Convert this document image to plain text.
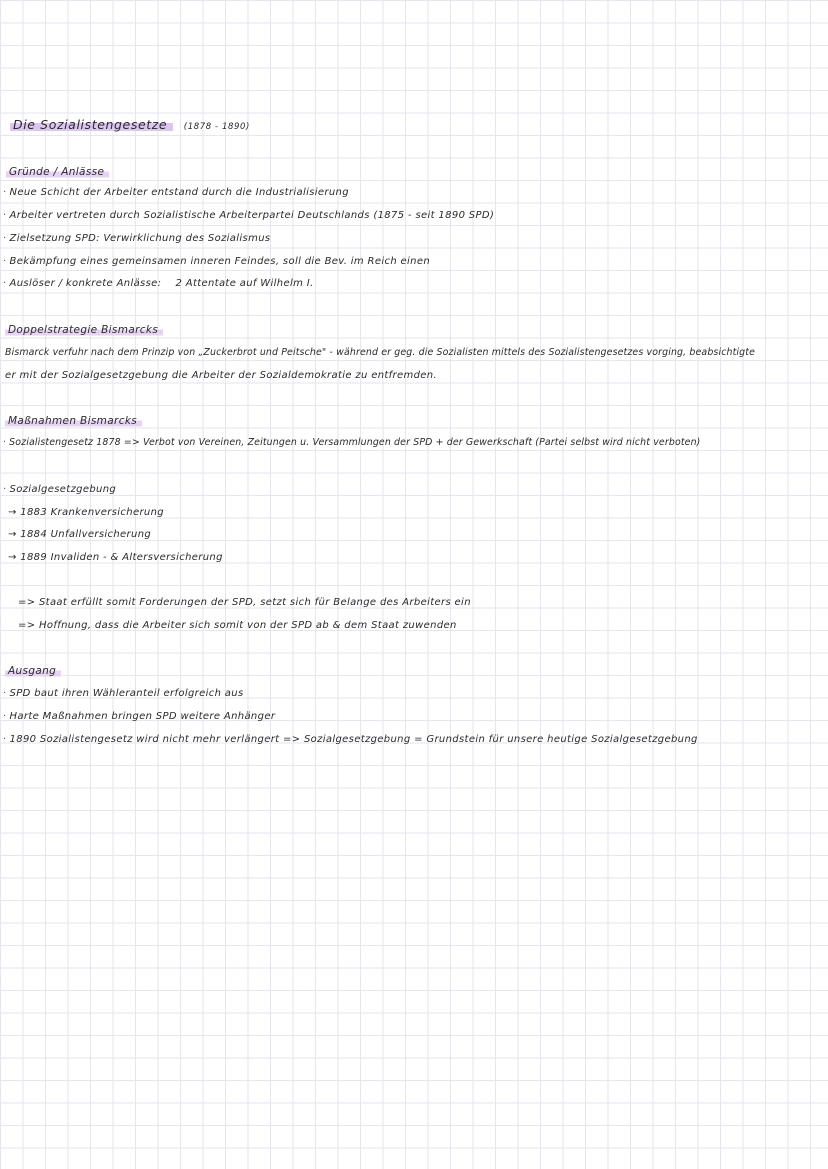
Die Sozialistengesetze (1878 - 1890)
Gründe / Anlässe
· Neue Schicht der Arbeiter entstand durch die Industrialisierung
· Arbeiter vertreten durch Sozialistische Arbeiterpartei Deutschlands (1875 - seit 1890 SPD)
· Zielsetzung SPD: Verwirklichung des Sozialismus
· Bekämpfung eines gemeinsamen inneren Feindes, soll die Bev. im Reich einen
· Auslöser / konkrete Anlässe:    2 Attentate auf Wilhelm I.
Doppelstrategie Bismarcks
Bismarck verfuhr nach dem Prinzip von „Zuckerbrot und Peitsche" - während er geg. die Sozialisten mittels des Sozialistengesetzes vorging, beabsichtigte
er mit der Sozialgesetzgebung die Arbeiter der Sozialdemokratie zu entfremden.
Maßnahmen Bismarcks
· Sozialistengesetz 1878 => Verbot von Vereinen, Zeitungen u. Versammlungen der SPD + der Gewerkschaft (Partei selbst wird nicht verboten)
· Sozialgesetzgebung
→ 1883 Krankenversicherung
→ 1884 Unfallversicherung
→ 1889 Invaliden - & Altersversicherung
=> Staat erfüllt somit Forderungen der SPD, setzt sich für Belange des Arbeiters ein
=> Hoffnung, dass die Arbeiter sich somit von der SPD ab & dem Staat zuwenden
Ausgang
· SPD baut ihren Wähleranteil erfolgreich aus
· Harte Maßnahmen bringen SPD weitere Anhänger
· 1890 Sozialistengesetz wird nicht mehr verlängert => Sozialgesetzgebung = Grundstein für unsere heutige Sozialgesetzgebung
